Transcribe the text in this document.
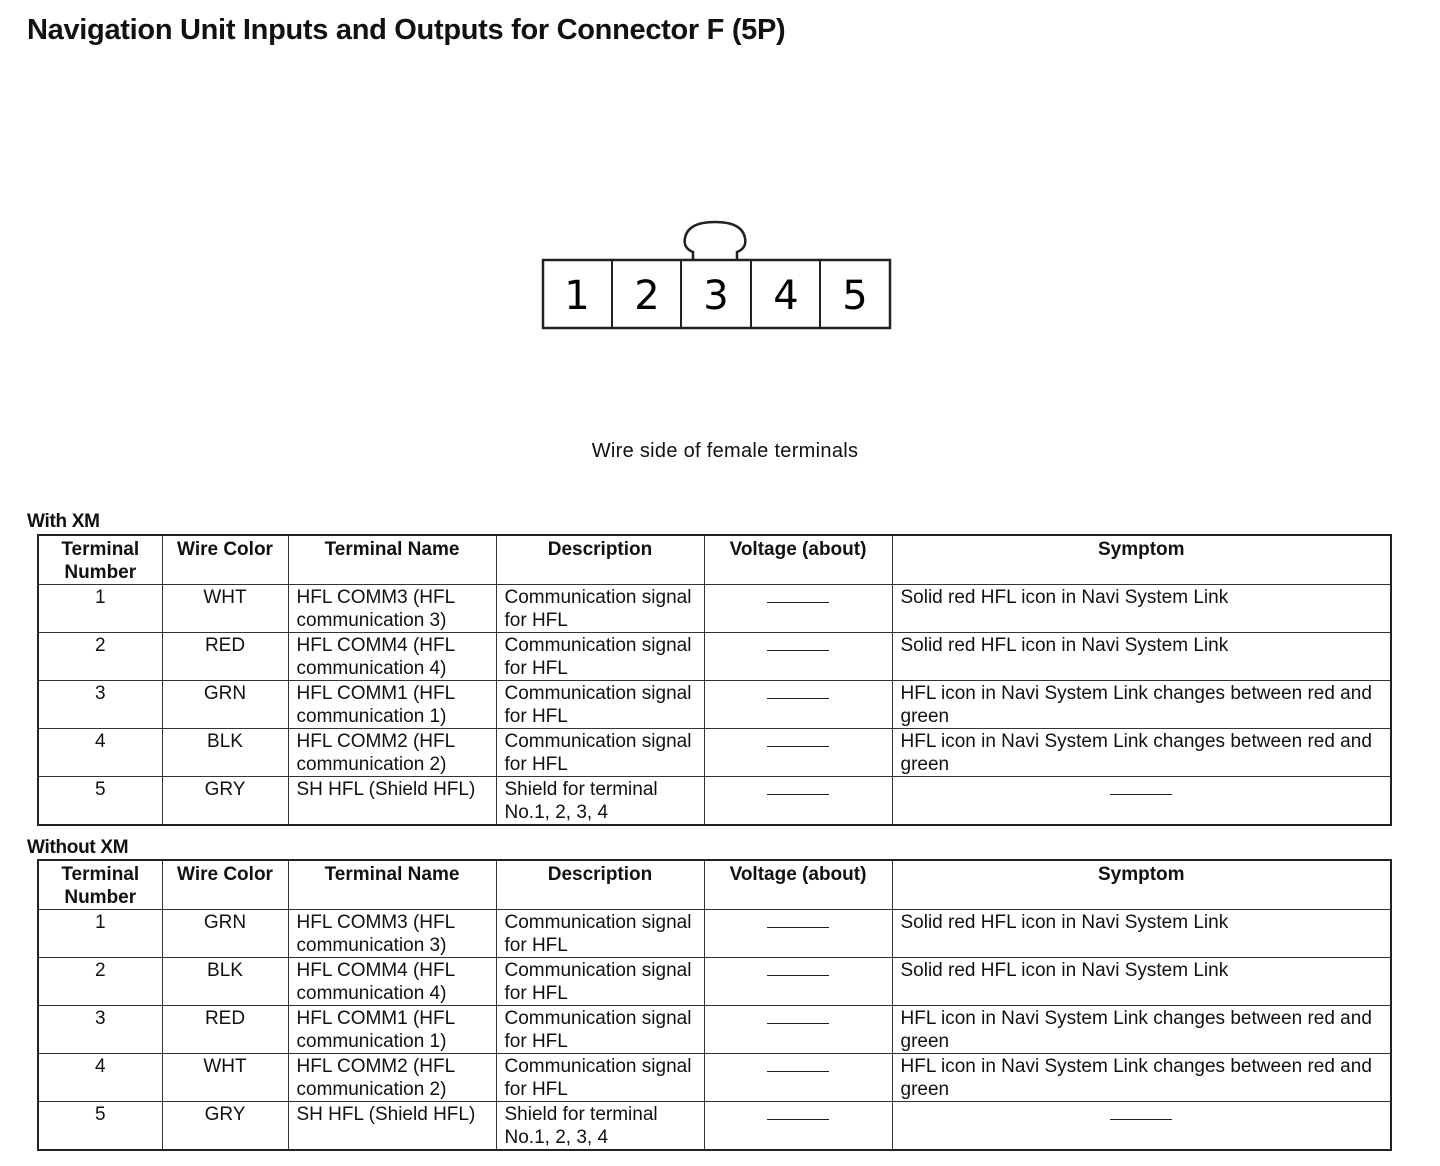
Navigation Unit Inputs and Outputs for Connector F (5P)
1 2 3 4 5
Wire side of female terminals
With XM
Terminal Number	Wire Color	Terminal Name	Description	Voltage (about)	Symptom
1	WHT	HFL COMM3 (HFL communication 3)	Communication signal for HFL		Solid red HFL icon in Navi System Link
2	RED	HFL COMM4 (HFL communication 4)	Communication signal for HFL		Solid red HFL icon in Navi System Link
3	GRN	HFL COMM1 (HFL communication 1)	Communication signal for HFL		HFL icon in Navi System Link changes between red and green
4	BLK	HFL COMM2 (HFL communication 2)	Communication signal for HFL		HFL icon in Navi System Link changes between red and green
5	GRY	SH HFL (Shield HFL)	Shield for terminal No.1, 2, 3, 4		
Without XM
Terminal Number	Wire Color	Terminal Name	Description	Voltage (about)	Symptom
1	GRN	HFL COMM3 (HFL communication 3)	Communication signal for HFL		Solid red HFL icon in Navi System Link
2	BLK	HFL COMM4 (HFL communication 4)	Communication signal for HFL		Solid red HFL icon in Navi System Link
3	RED	HFL COMM1 (HFL communication 1)	Communication signal for HFL		HFL icon in Navi System Link changes between red and green
4	WHT	HFL COMM2 (HFL communication 2)	Communication signal for HFL		HFL icon in Navi System Link changes between red and green
5	GRY	SH HFL (Shield HFL)	Shield for terminal No.1, 2, 3, 4		
